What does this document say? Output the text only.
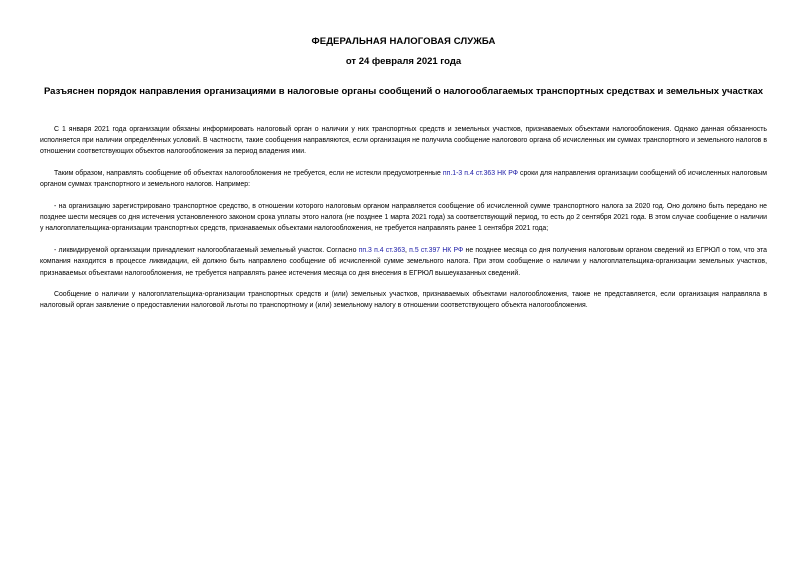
ФЕДЕРАЛЬНАЯ НАЛОГОВАЯ СЛУЖБА
от 24 февраля 2021 года
Разъяснен порядок направления организациями в налоговые органы сообщений о налогооблагаемых транспортных средствах и земельных участках

С 1 января 2021 года организации обязаны информировать налоговый орган о наличии у них транспортных средств и земельных участков, признаваемых объектами налогообложения. Однако данная обязанность исполняется при наличии определённых условий. В частности, такие сообщения направляются, если организация не получила сообщение налогового органа об исчисленных им суммах транспортного и земельного налогов в отношении соответствующих объектов налогообложения за период владения ими.

Таким образом, направлять сообщение об объектах налогообложения не требуется, если не истекли предусмотренные пп.1-3 п.4 ст.363 НК РФ сроки для направления организации сообщений об исчисленных налоговым органом суммах транспортного и земельного налогов. Например:

- на организацию зарегистрировано транспортное средство, в отношении которого налоговым органом направляется сообщение об исчисленной сумме транспортного налога за 2020 год. Оно должно быть передано не позднее шести месяцев со дня истечения установленного законом срока уплаты этого налога (не позднее 1 марта 2021 года) за соответствующий период, то есть до 2 сентября 2021 года. В этом случае сообщение о наличии у налогоплательщика-организации транспортных средств, признаваемых объектами налогообложения, не требуется направлять ранее 1 сентября 2021 года;

- ликвидируемой организации принадлежит налогооблагаемый земельный участок. Согласно пп.3 п.4 ст.363, п.5 ст.397 НК РФ не позднее месяца со дня получения налоговым органом сведений из ЕГРЮЛ о том, что эта компания находится в процессе ликвидации, ей должно быть направлено сообщение об исчисленной сумме земельного налога. При этом сообщение о наличии у налогоплательщика-организации земельных участков, признаваемых объектами налогообложения, не требуется направлять ранее истечения месяца со дня внесения в ЕГРЮЛ вышеуказанных сведений.

Сообщение о наличии у налогоплательщика-организации транспортных средств и (или) земельных участков, признаваемых объектами налогообложения, также не представляется, если организация направляла в налоговый орган заявление о предоставлении налоговой льготы по транспортному и (или) земельному налогу в отношении соответствующего объекта налогообложения.
